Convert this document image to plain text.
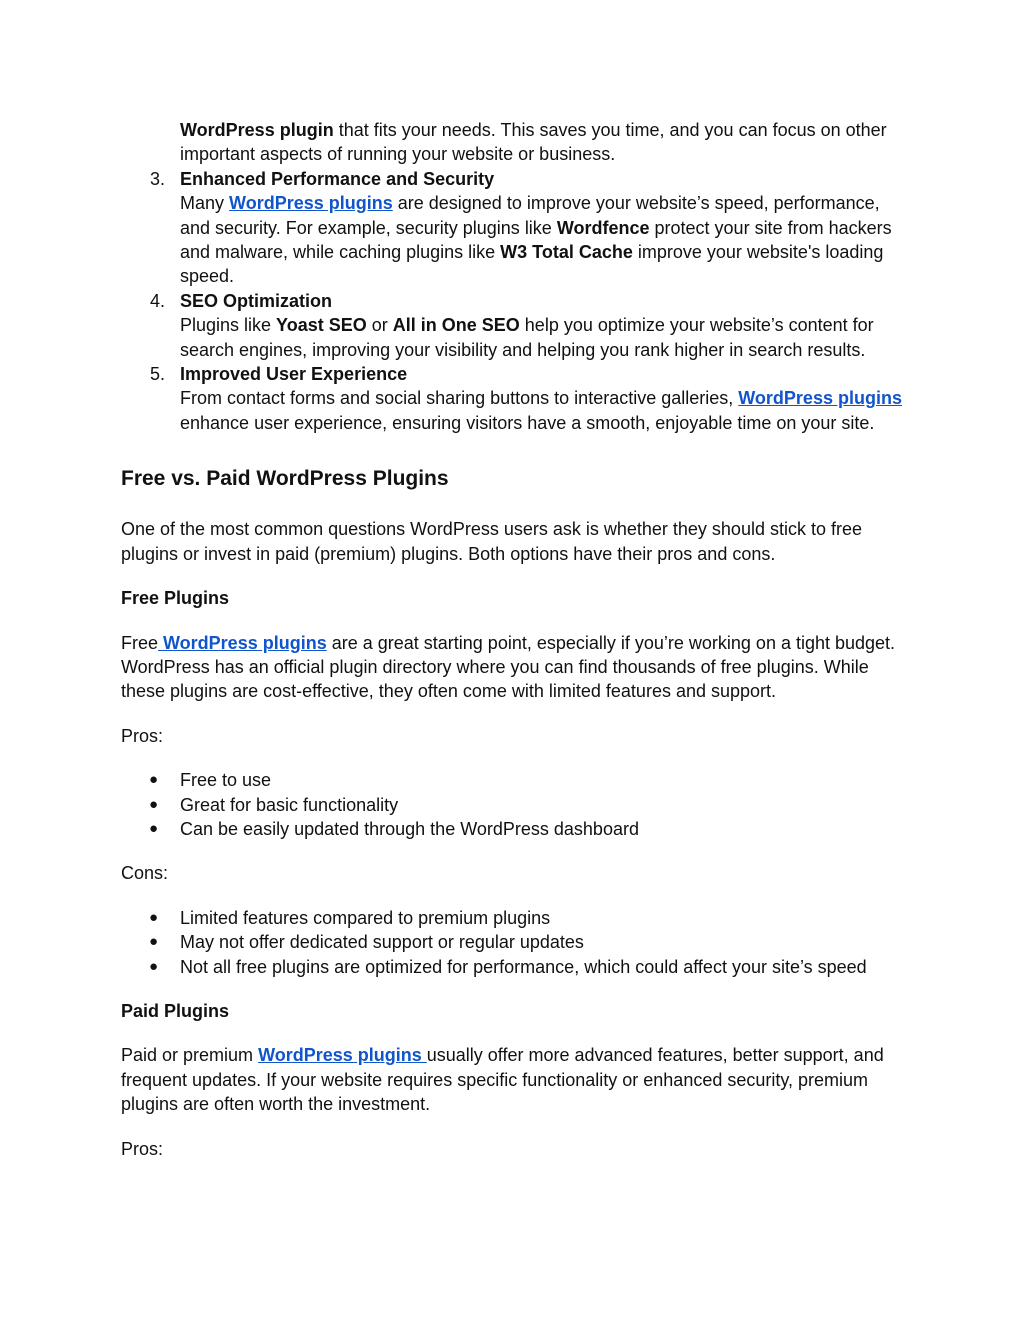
WordPress plugin that fits your needs. This saves you time, and you can focus on other important aspects of running your website or business.
3. Enhanced Performance and Security
Many WordPress plugins are designed to improve your website’s speed, performance, and security. For example, security plugins like Wordfence protect your site from hackers and malware, while caching plugins like W3 Total Cache improve your website's loading speed.
4. SEO Optimization
Plugins like Yoast SEO or All in One SEO help you optimize your website’s content for search engines, improving your visibility and helping you rank higher in search results.
5. Improved User Experience
From contact forms and social sharing buttons to interactive galleries, WordPress plugins enhance user experience, ensuring visitors have a smooth, enjoyable time on your site.
Free vs. Paid WordPress Plugins

One of the most common questions WordPress users ask is whether they should stick to free plugins or invest in paid (premium) plugins. Both options have their pros and cons.

Free Plugins

Free WordPress plugins are a great starting point, especially if you’re working on a tight budget. WordPress has an official plugin directory where you can find thousands of free plugins. While these plugins are cost-effective, they often come with limited features and support.

Pros:

● Free to use
● Great for basic functionality
● Can be easily updated through the WordPress dashboard

Cons:

● Limited features compared to premium plugins
● May not offer dedicated support or regular updates
● Not all free plugins are optimized for performance, which could affect your site’s speed
Paid Plugins

Paid or premium WordPress plugins usually offer more advanced features, better support, and frequent updates. If your website requires specific functionality or enhanced security, premium plugins are often worth the investment.

Pros:
